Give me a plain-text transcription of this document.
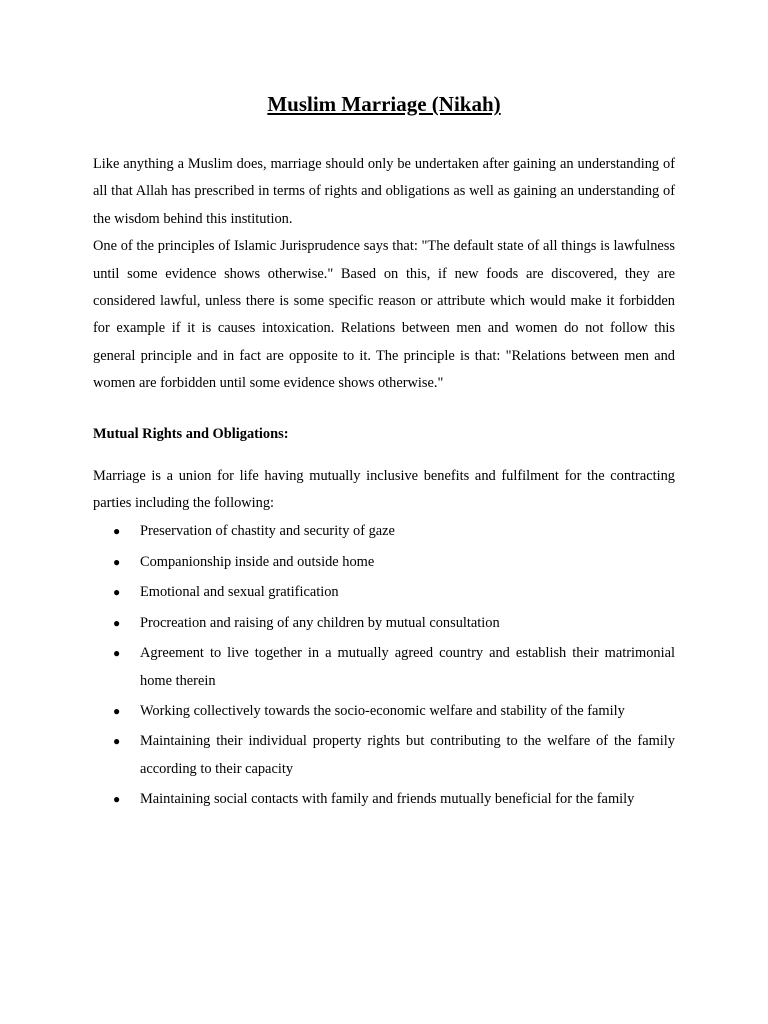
Muslim Marriage (Nikah)

Like anything a Muslim does, marriage should only be undertaken after gaining an understanding of all that Allah has prescribed in terms of rights and obligations as well as gaining an understanding of the wisdom behind this institution.

One of the principles of Islamic Jurisprudence says that: "The default state of all things is lawfulness until some evidence shows otherwise." Based on this, if new foods are discovered, they are considered lawful, unless there is some specific reason or attribute which would make it forbidden for example if it is causes intoxication. Relations between men and women do not follow this general principle and in fact are opposite to it. The principle is that: "Relations between men and women are forbidden until some evidence shows otherwise."

Mutual Rights and Obligations:

Marriage is a union for life having mutually inclusive benefits and fulfilment for the contracting parties including the following:

● Preservation of chastity and security of gaze
● Companionship inside and outside home
● Emotional and sexual gratification
● Procreation and raising of any children by mutual consultation
● Agreement to live together in a mutually agreed country and establish their matrimonial home therein
● Working collectively towards the socio-economic welfare and stability of the family
● Maintaining their individual property rights but contributing to the welfare of the family according to their capacity
● Maintaining social contacts with family and friends mutually beneficial for the family
